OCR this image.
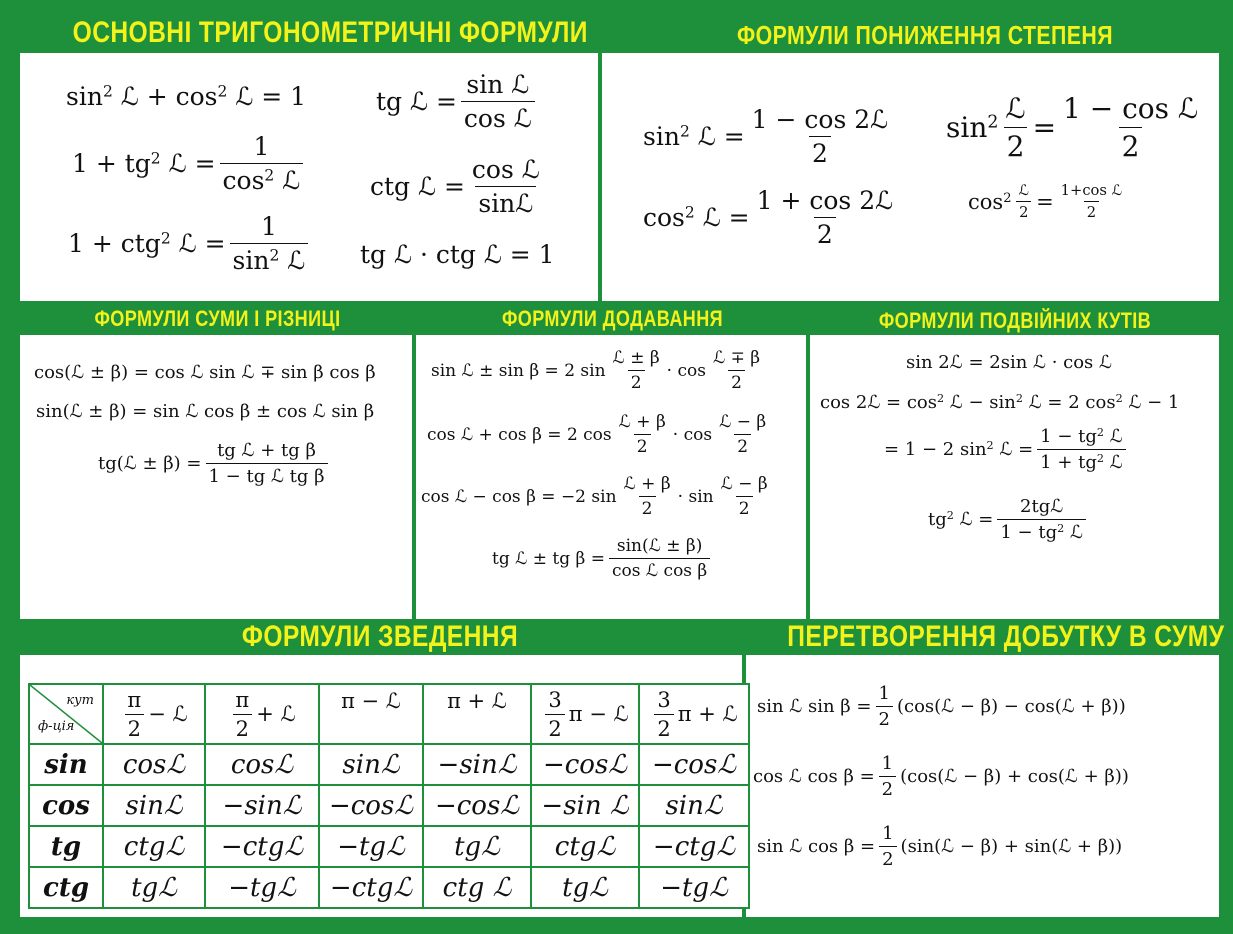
ОСНОВНІ ТРИГОНОМЕТРИЧНІ ФОРМУЛИ	ФОРМУЛИ ПОНИЖЕННЯ СТЕПЕНЯ
ФОРМУЛИ СУМИ І РІЗНИЦІ	ФОРМУЛИ ДОДАВАННЯ	ФОРМУЛИ ПОДВІЙНИХ КУТІВ
ФОРМУЛИ ЗВЕДЕННЯ	ПЕРЕТВОРЕННЯ ДОБУТКУ В СУМУ
$\sin^2$ ℒ + $\cos^2$ ℒ = 1
$1 + tg^2$ ℒ = $\frac{1}{\cos^2 ℒ}$
1 + ctg$^2$ ℒ = $\frac{1}{\sin^2 ℒ}$
tg ℒ = $\frac{\text{sin ℒ}}{\text{cos ℒ}}$
ctg ℒ = $\frac{\text{cos ℒ}}{\text{sinℒ}}$
tg ℒ · ctg ℒ = 1
$\sin^2$ ℒ = $\frac{\text{1 − cos 2ℒ}}{2}$
$\cos^2$ ℒ = $\frac{\text{1 + cos 2ℒ}}{2}$
$\sin^2 \frac{\text{ℒ}}{2} = \frac{\text{1 − cos ℒ}}{2}$
$\cos^2 \frac{\text{ℒ}}{2} = \frac{\text{1+cos ℒ}}{2}$
cos(ℒ ± β) = cos ℒ sin ℒ ∓ sin β cos β
sin(ℒ ± β) = sin ℒ cos β ± cos ℒ sin β
tg(ℒ ± $\beta) = \frac{\text{tg ℒ + tg β}}{\text{1 − tg ℒ tg β}}$
sin ℒ ± sin β = 2 $\sin \frac{\text{ℒ ± β}}{2} \cdot \cos \frac{\text{ℒ ∓ β}}{2}$
cos ℒ + cos β = 2 $\cos \frac{\text{ℒ + β}}{2} \cdot \cos \frac{\text{ℒ − β}}{2}$
cos ℒ − cos β = −2 $\sin \frac{\text{ℒ + β}}{2} \cdot \sin \frac{\text{ℒ − β}}{2}$
tg ℒ ± tg $\beta = \frac{\text{sin(ℒ ± β)}}{\text{cos ℒ cos β}}$
sin 2ℒ = 2sin ℒ · cos ℒ
cos 2ℒ = $\cos^2$ ℒ − $\sin^2$ ℒ = 2 $\cos^2$ ℒ − 1
= 1 − 2 $\sin^2$ ℒ = $\frac{1 - tg^2 ℒ}{1 + tg^2 ℒ}$
$tg^2$ ℒ = $\frac{\text{2tgℒ}}{1 - tg^2 ℒ}$
кут
ф-ція	$\frac{\pi}{2}$ − ℒ	$\frac{\pi}{2}$ + ℒ	π − ℒ	π + ℒ	$\frac{3}{2}$ π − ℒ	$\frac{3}{2}$ π + ℒ

sin	cosℒ	cosℒ	sinℒ	−sinℒ	−cosℒ	−cosℒ
cos	sinℒ	−sinℒ	−cosℒ	−cosℒ	−sin ℒ	sinℒ
tg	ctgℒ	−ctgℒ	−tgℒ	tgℒ	ctgℒ	−ctgℒ
ctg	tgℒ	−tgℒ	−ctgℒ	ctg ℒ	tgℒ	−tgℒ
sin ℒ $\sin \beta = \frac{1}{2}$ (cos(ℒ − β) − cos(ℒ + β))
cos ℒ $\cos \beta = \frac{1}{2}$ (cos(ℒ − β) + cos(ℒ + β))
sin ℒ $\cos \beta = \frac{1}{2}$ (sin(ℒ − β) + sin(ℒ + β))
